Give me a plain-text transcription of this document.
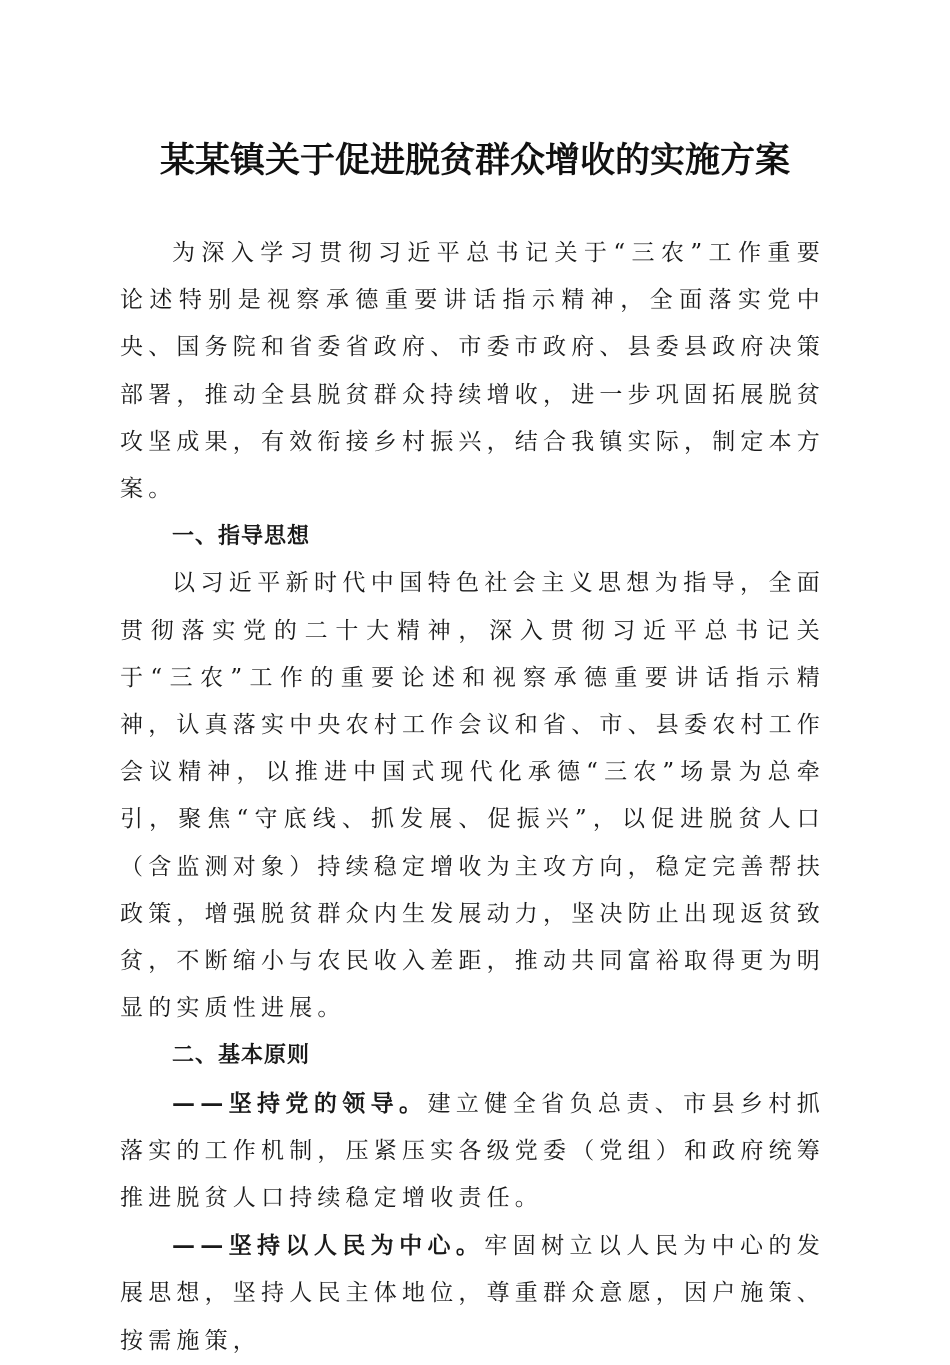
某某镇关于促进脱贫群众增收的实施方案

为深入学习贯彻习近平总书记关于“三农”工作重要论述特别是视察承德重要讲话指示精神，全面落实党中央、国务院和省委省政府、市委市政府、县委县政府决策部署，推动全县脱贫群众持续增收，进一步巩固拓展脱贫攻坚成果，有效衔接乡村振兴，结合我镇实际，制定本方案。

一、指导思想

以习近平新时代中国特色社会主义思想为指导，全面贯彻落实党的二十大精神，深入贯彻习近平总书记关于“三农”工作的重要论述和视察承德重要讲话指示精神，认真落实中央农村工作会议和省、市、县委农村工作会议精神，以推进中国式现代化承德“三农”场景为总牵引，聚焦“守底线、抓发展、促振兴”，以促进脱贫人口（含监测对象）持续稳定增收为主攻方向，稳定完善帮扶政策，增强脱贫群众内生发展动力，坚决防止出现返贫致贫，不断缩小与农民收入差距，推动共同富裕取得更为明显的实质性进展。

二、基本原则

——坚持党的领导。建立健全省负总责、市县乡村抓落实的工作机制，压紧压实各级党委（党组）和政府统筹推进脱贫人口持续稳定增收责任。

——坚持以人民为中心。牢固树立以人民为中心的发展思想，坚持人民主体地位，尊重群众意愿，因户施策、按需施策，
